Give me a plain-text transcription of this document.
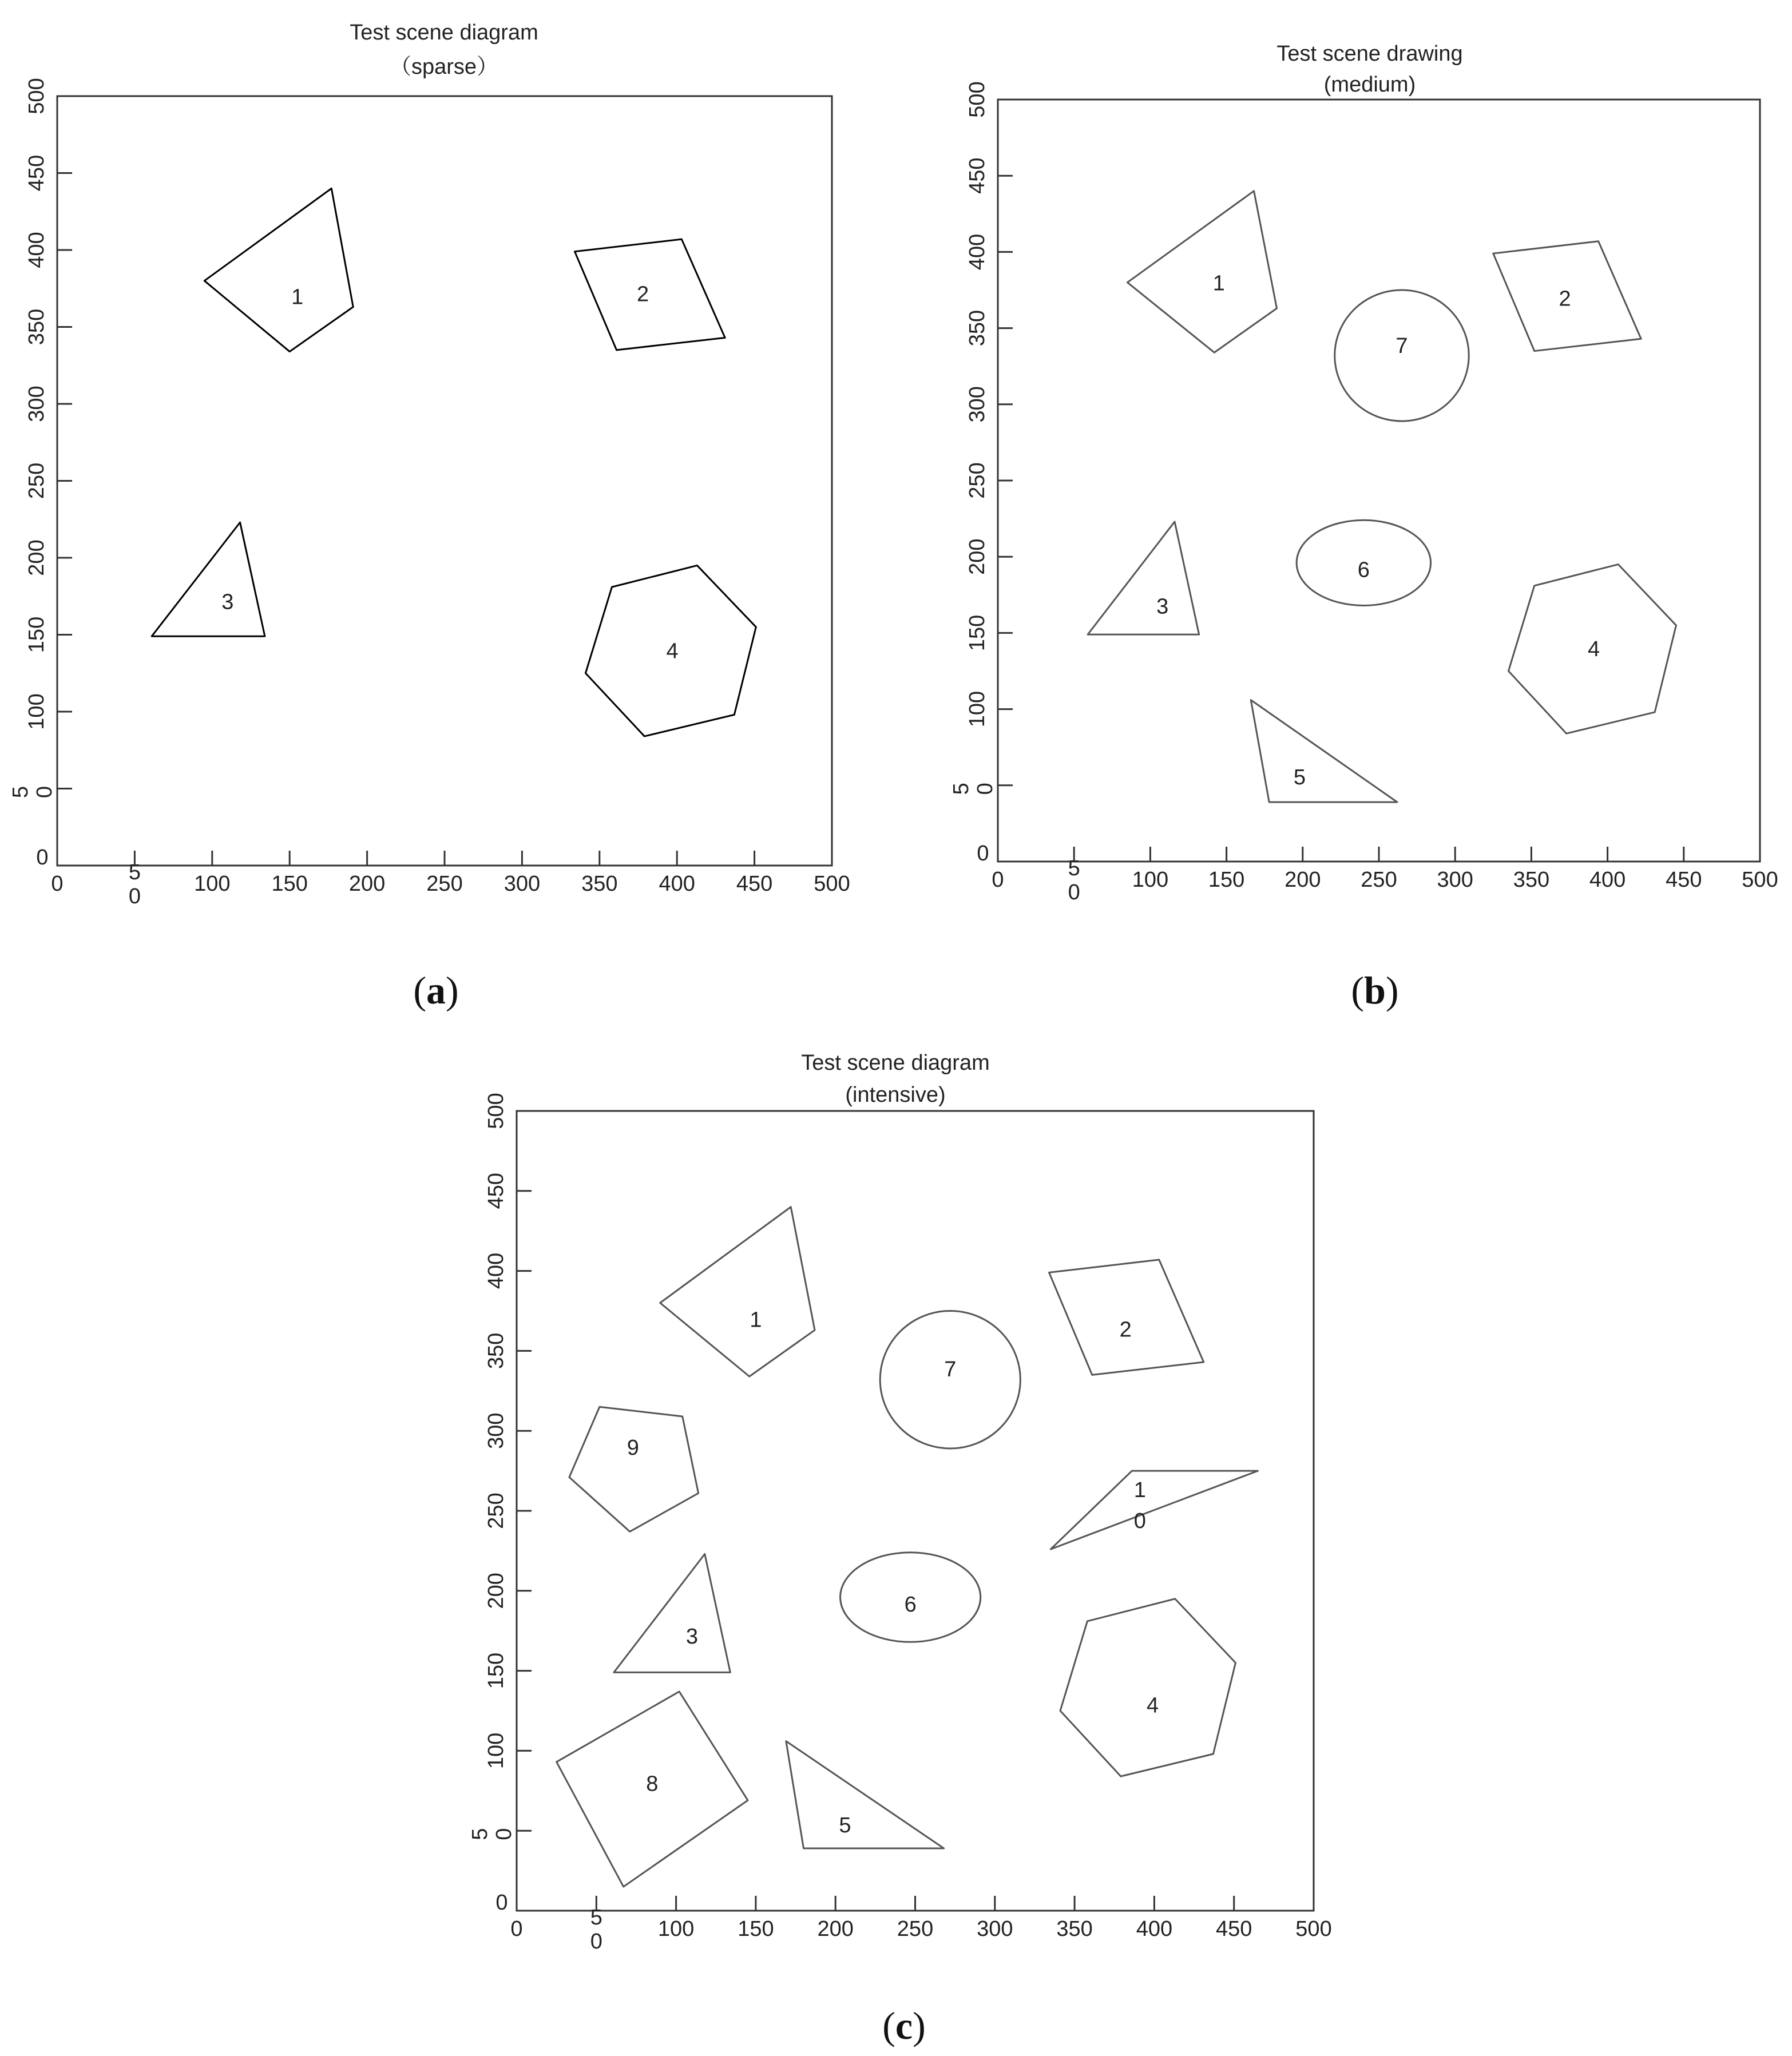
Test scene diagram
（sparse）
0	100 150 200 250 300 350 400 450 500
5
0
100
150
200
250
300
350
400
450
500
5 0
0
1	2
3
4
(a)
Test scene drawing
(medium)
0	100 150 200 250 300 350 400 450 500
5
0
100
150
200
250
300
350
400
450
500
5 0
0
1
2
3
4
5
6
7
(b)
Test scene diagram
(intensive)
0	100 150 200 250 300 350 400 450 500
5
0
100
150
200
250
300
350
400
450
500
5 0
0
1	2
3
4
5
6
7
8
9
1
0
(c)
